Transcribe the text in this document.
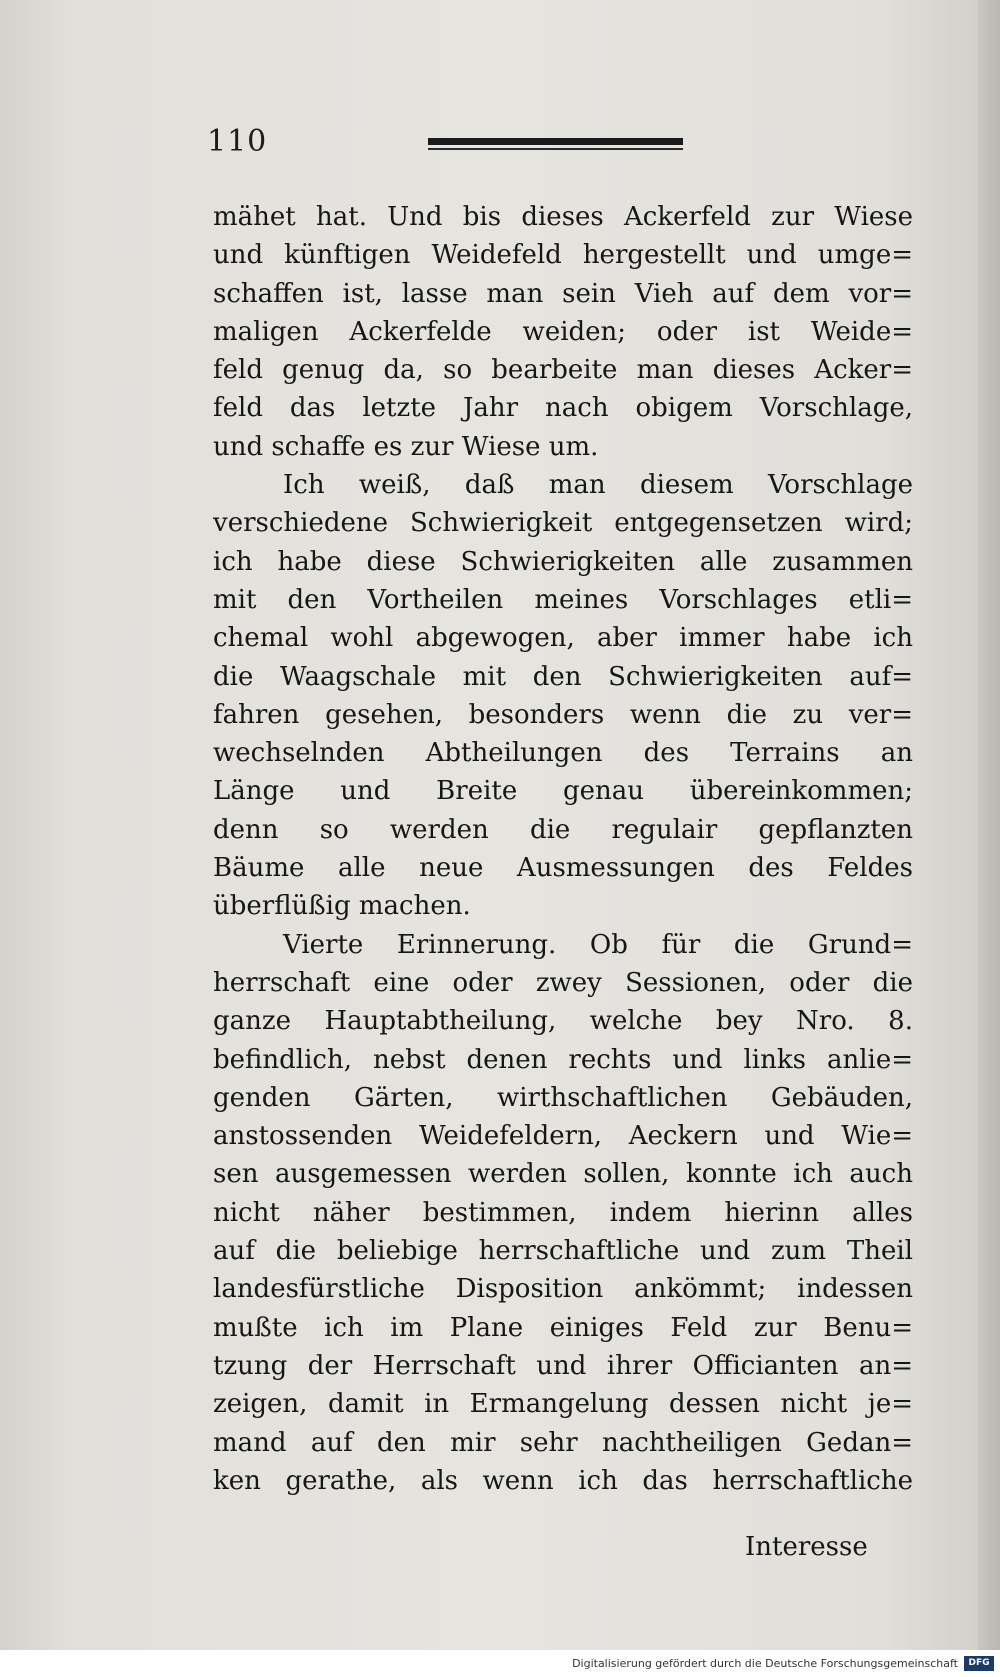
110
mähet hat. Und bis dieses Ackerfeld zur Wiese
und künftigen Weidefeld hergestellt und umge=
schaffen ist, lasse man sein Vieh auf dem vor=
maligen Ackerfelde weiden; oder ist Weide=
feld genug da, so bearbeite man dieses Acker=
feld das letzte Jahr nach obigem Vorschlage,
und schaffe es zur Wiese um.
Ich weiß, daß man diesem Vorschlage
verschiedene Schwierigkeit entgegensetzen wird;
ich habe diese Schwierigkeiten alle zusammen
mit den Vortheilen meines Vorschlages etli=
chemal wohl abgewogen, aber immer habe ich
die Waagschale mit den Schwierigkeiten auf=
fahren gesehen, besonders wenn die zu ver=
wechselnden Abtheilungen des Terrains an
Länge und Breite genau übereinkommen;
denn so werden die regulair gepflanzten
Bäume alle neue Ausmessungen des Feldes
überflüßig machen.
Vierte Erinnerung. Ob für die Grund=
herrschaft eine oder zwey Sessionen, oder die
ganze Hauptabtheilung, welche bey Nro. 8.
befindlich, nebst denen rechts und links anlie=
genden Gärten, wirthschaftlichen Gebäuden,
anstossenden Weidefeldern, Aeckern und Wie=
sen ausgemessen werden sollen, konnte ich auch
nicht näher bestimmen, indem hierinn alles
auf die beliebige herrschaftliche und zum Theil
landesfürstliche Disposition ankömmt; indessen
mußte ich im Plane einiges Feld zur Benu=
tzung der Herrschaft und ihrer Officianten an=
zeigen, damit in Ermangelung dessen nicht je=
mand auf den mir sehr nachtheiligen Gedan=
ken gerathe, als wenn ich das herrschaftliche
Interesse
Digitalisierung gefördert durch die Deutsche Forschungsgemeinschaft	DFG
